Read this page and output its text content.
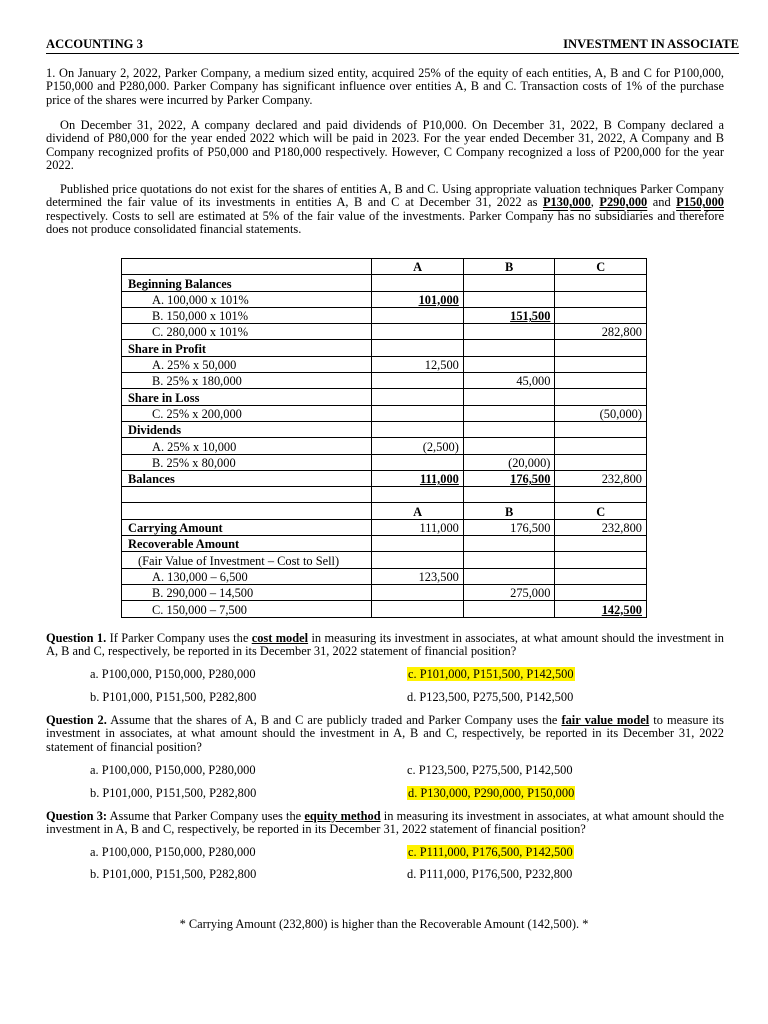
ACCOUNTING 3	INVESTMENT IN ASSOCIATE

1. On January 2, 2022, Parker Company, a medium sized entity, acquired 25% of the equity of each entities, A, B and C for P100,000, P150,000 and P280,000. Parker Company has significant influence over entities A, B and C. Transaction costs of 1% of the purchase price of the shares were incurred by Parker Company.

On December 31, 2022, A company declared and paid dividends of P10,000. On December 31, 2022, B Company declared a dividend of P80,000 for the year ended 2022 which will be paid in 2023. For the year ended December 31, 2022, A Company and B Company recognized profits of P50,000 and P180,000 respectively. However, C Company recognized a loss of P200,000 for the year 2022.

Published price quotations do not exist for the shares of entities A, B and C. Using appropriate valuation techniques Parker Company determined the fair value of its investments in entities A, B and C at December 31, 2022 as P130,000, P290,000 and P150,000 respectively. Costs to sell are estimated at 5% of the fair value of the investments. Parker Company has no subsidiaries and therefore does not produce consolidated financial statements.

	A	B	C
Beginning Balances			
A. 100,000 x 101%	101,000		
B. 150,000 x 101%		151,500	
C. 280,000 x 101%			282,800
Share in Profit			
A. 25% x 50,000	12,500		
B. 25% x 180,000		45,000	
Share in Loss			
C. 25% x 200,000			(50,000)
Dividends			
A. 25% x 10,000	(2,500)		
B. 25% x 80,000		(20,000)	
Balances	111,000	176,500	232,800

	A	B	C
Carrying Amount	111,000	176,500	232,800
Recoverable Amount			
(Fair Value of Investment – Cost to Sell)			
A. 130,000 – 6,500	123,500		
B. 290,000 – 14,500		275,000	
C. 150,000 – 7,500			142,500

Question 1. If Parker Company uses the cost model in measuring its investment in associates, at what amount should the investment in A, B and C, respectively, be reported in its December 31, 2022 statement of financial position?

a. P100,000, P150,000, P280,000	c. P101,000, P151,500, P142,500
b. P101,000, P151,500, P282,800	d. P123,500, P275,500, P142,500

Question 2. Assume that the shares of A, B and C are publicly traded and Parker Company uses the fair value model to measure its investment in associates, at what amount should the investment in A, B and C, respectively, be reported in its December 31, 2022 statement of financial position?

a. P100,000, P150,000, P280,000	c. P123,500, P275,500, P142,500
b. P101,000, P151,500, P282,800	d. P130,000, P290,000, P150,000

Question 3: Assume that Parker Company uses the equity method in measuring its investment in associates, at what amount should the investment in A, B and C, respectively, be reported in its December 31, 2022 statement of financial position?

a. P100,000, P150,000, P280,000	c. P111,000, P176,500, P142,500
b. P101,000, P151,500, P282,800	d. P111,000, P176,500, P232,800
* Carrying Amount (232,800) is higher than the Recoverable Amount (142,500). *
